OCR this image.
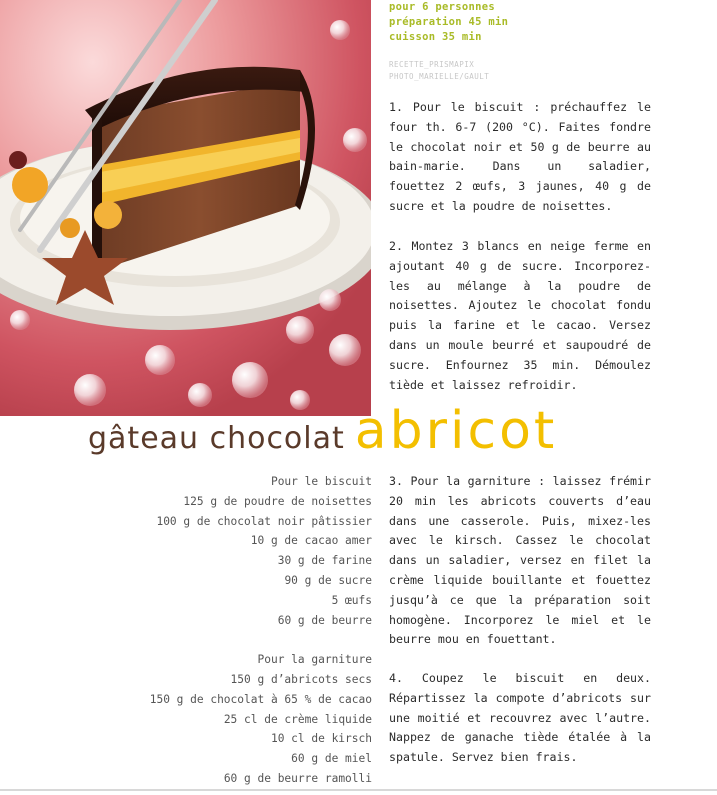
pour 6 personnes
préparation 45 min
cuisson 35 min
RECETTE_PRISMAPIX
PHOTO_MARIELLE/GAULT

1. Pour le biscuit : préchauffez le four th. 6-7 (200 °C). Faites fondre le chocolat noir et 50 g de beurre au bain-marie. Dans un saladier, fouettez 2 œufs, 3 jaunes, 40 g de sucre et la poudre de noisettes.

2. Montez 3 blancs en neige ferme en ajoutant 40 g de sucre. Incorporez-les au mélange à la poudre de noisettes. Ajoutez le chocolat fondu puis la farine et le cacao. Versez dans un moule beurré et saupoudré de sucre. Enfournez 35 min. Démoulez tiède et laissez refroidir.

gâteau chocolat abricot

3. Pour la garniture : laissez frémir 20 min les abricots couverts d’eau dans une casserole. Puis, mixez-les avec le kirsch. Cassez le chocolat dans un saladier, versez en filet la crème liquide bouillante et fouettez jusqu’à ce que la préparation soit homogène. Incorporez le miel et le beurre mou en fouettant.

4. Coupez le biscuit en deux. Répartissez la compote d’abricots sur une moitié et recouvrez avec l’autre. Nappez de ganache tiède étalée à la spatule. Servez bien frais.

Pour le biscuit
125 g de poudre de noisettes
100 g de chocolat noir pâtissier
10 g de cacao amer
30 g de farine
90 g de sucre
5 œufs
60 g de beurre
Pour la garniture
150 g d’abricots secs
150 g de chocolat à 65 % de cacao
25 cl de crème liquide
10 cl de kirsch
60 g de miel
60 g de beurre ramolli
